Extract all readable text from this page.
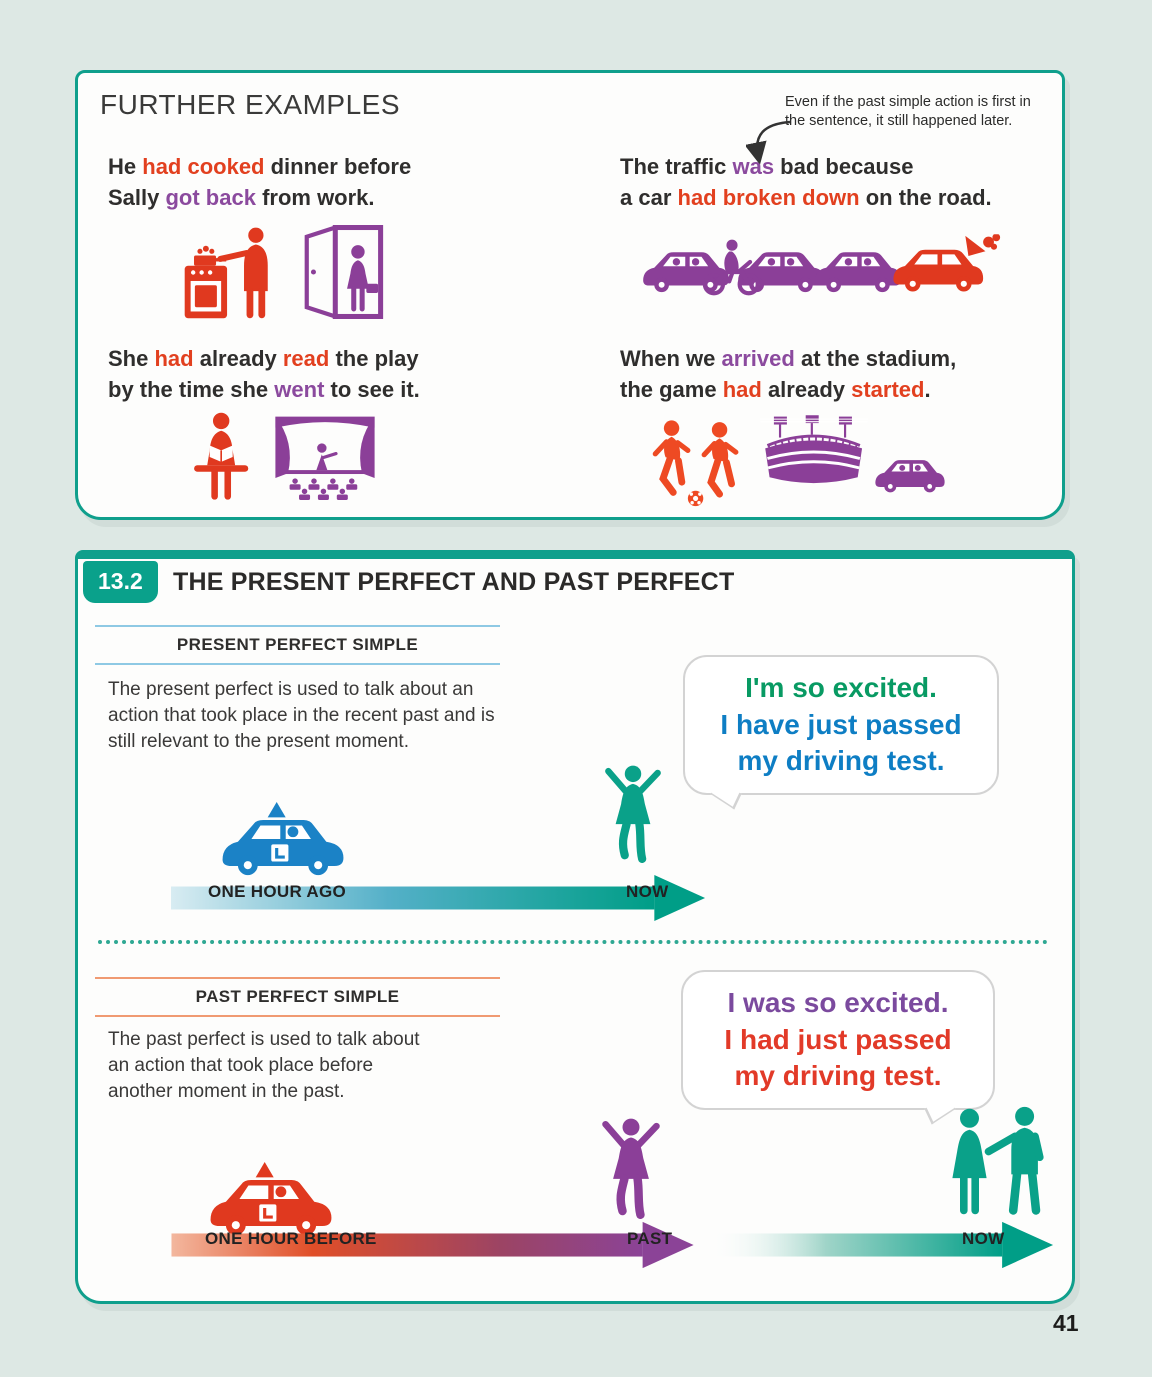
FURTHER EXAMPLES	Even if the past simple action is first in
the sentence, it still happened later.
He had cooked dinner before
Sally got back from work.
The traffic was bad because
a car had broken down on the road.
She had already read the play
by the time she went to see it.
When we arrived at the stadium,
the game had already started.
13.2	THE PRESENT PERFECT AND PAST PERFECT
PRESENT PERFECT SIMPLE
The present perfect is used to talk about an action that took place in the recent past and is still relevant to the present moment.
I'm so excited.
I have just passed
my driving test.
ONE HOUR AGO	NOW
PAST PERFECT SIMPLE
The past perfect is used to talk about an action that took place before another moment in the past.
I was so excited.
I had just passed
my driving test.
ONE HOUR BEFORE	PAST	NOW
41
